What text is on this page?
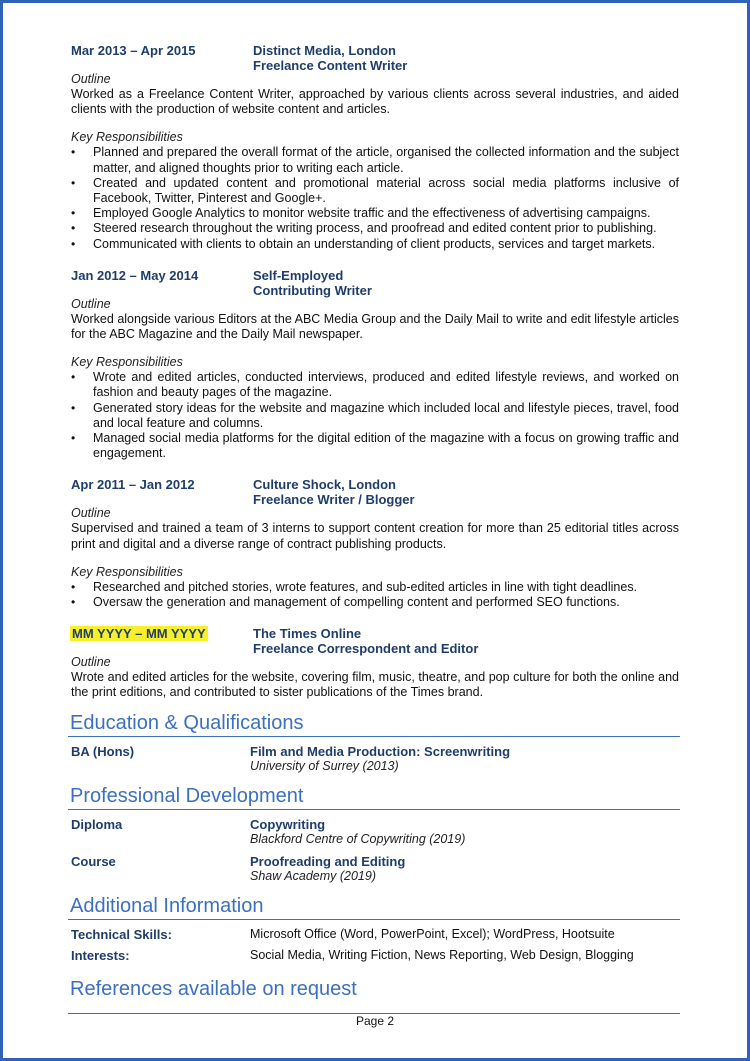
Mar 2013 – Apr 2015	Distinct Media, London
Freelance Content Writer
Outline
Worked as a Freelance Content Writer, approached by various clients across several industries, and aided clients with the production of website content and articles.
Key Responsibilities
• Planned and prepared the overall format of the article, organised the collected information and the subject matter, and aligned thoughts prior to writing each article.
• Created and updated content and promotional material across social media platforms inclusive of Facebook, Twitter, Pinterest and Google+.
• Employed Google Analytics to monitor website traffic and the effectiveness of advertising campaigns.
• Steered research throughout the writing process, and proofread and edited content prior to publishing.
• Communicated with clients to obtain an understanding of client products, services and target markets.
Jan 2012 – May 2014	Self-Employed
Contributing Writer
Outline
Worked alongside various Editors at the ABC Media Group and the Daily Mail to write and edit lifestyle articles for the ABC Magazine and the Daily Mail newspaper.
Key Responsibilities
• Wrote and edited articles, conducted interviews, produced and edited lifestyle reviews, and worked on fashion and beauty pages of the magazine.
• Generated story ideas for the website and magazine which included local and lifestyle pieces, travel, food and local feature and columns.
• Managed social media platforms for the digital edition of the magazine with a focus on growing traffic and engagement.
Apr 2011 – Jan 2012	Culture Shock, London
Freelance Writer / Blogger
Outline
Supervised and trained a team of 3 interns to support content creation for more than 25 editorial titles across print and digital and a diverse range of contract publishing products.
Key Responsibilities
• Researched and pitched stories, wrote features, and sub-edited articles in line with tight deadlines.
• Oversaw the generation and management of compelling content and performed SEO functions.
MM YYYY – MM YYYY	The Times Online
Freelance Correspondent and Editor
Outline
Wrote and edited articles for the website, covering film, music, theatre, and pop culture for both the online and the print editions, and contributed to sister publications of the Times brand.
Education & Qualifications
BA (Hons)	Film and Media Production: Screenwriting
University of Surrey (2013)
Professional Development
Diploma	Copywriting
Blackford Centre of Copywriting (2019)
Course	Proofreading and Editing
Shaw Academy (2019)
Additional Information
Technical Skills:	Microsoft Office (Word, PowerPoint, Excel); WordPress, Hootsuite
Interests:	Social Media, Writing Fiction, News Reporting, Web Design, Blogging
References available on request
Page 2
